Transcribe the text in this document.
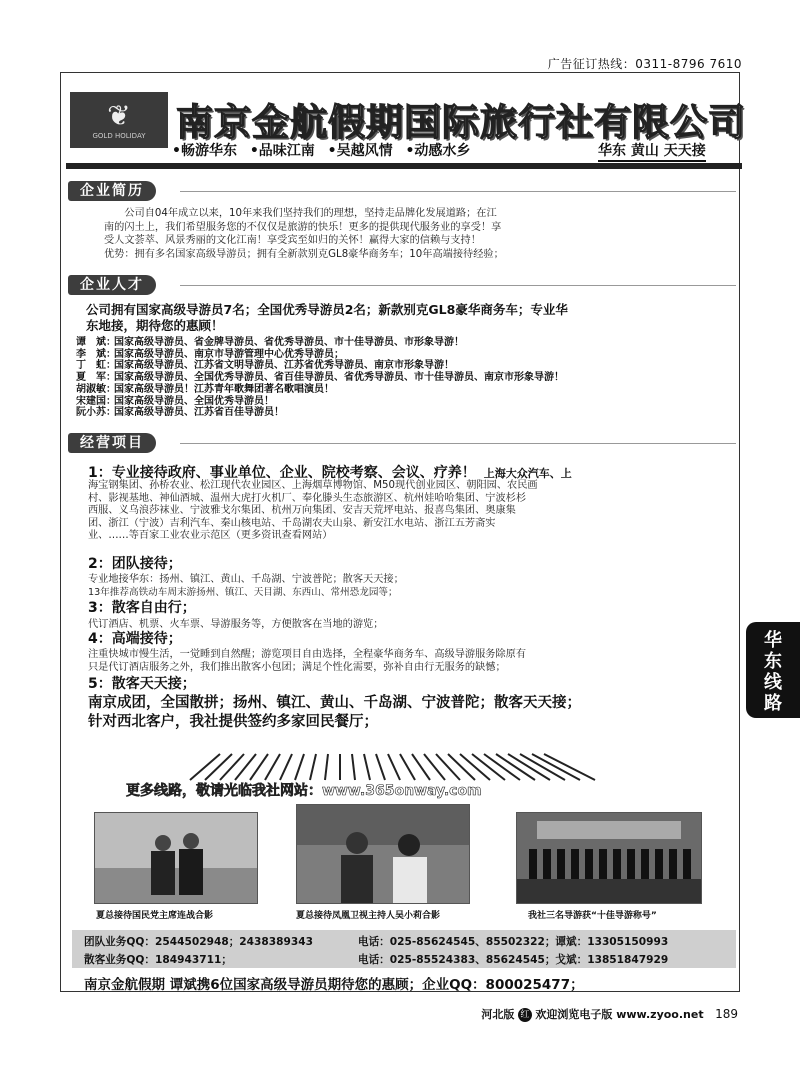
广告征订热线：0311-8796 7610
❦
GOLD HOLIDAY 南京金航假期国际旅行社有限公司
•畅游华东 •品味江南 •吴越风情 •动感水乡	华东 黄山 天天接
企业简历
　　公司自04年成立以来，10年来我们坚持我们的理想，坚持走品牌化发展道路；在江
南的闪土上，我们希望服务您的不仅仅是旅游的快乐！更多的提供现代服务业的享受！享
受人文荟萃、风景秀丽的文化江南！享受宾至如归的关怀！赢得大家的信赖与支持！
优势：拥有多名国家高级导游员；拥有全新款别克GL8豪华商务车；10年高端接待经验；
企业人才
公司拥有国家高级导游员7名；全国优秀导游员2名；新款别克GL8豪华商务车；专业华
东地接，期待您的惠顾！
谭　斌：国家高级导游员、省金牌导游员、省优秀导游员、市十佳导游员、市形象导游！
李　斌：国家高级导游员、南京市导游管理中心优秀导游员；
丁　虹：国家高级导游员、江苏省文明导游员、江苏省优秀导游员、南京市形象导游！
夏　军：国家高级导游员、全国优秀导游员、省百佳导游员、省优秀导游员、市十佳导游员、南京市形象导游！
胡淑敏：国家高级导游员！江苏青年歌舞团著名歌唱演员！
宋建国：国家高级导游员、全国优秀导游员！
阮小苏：国家高级导游员、江苏省百佳导游员！
经营项目
1：专业接待政府、事业单位、企业、院校考察、会议、疗养！ 上海大众汽车、上
海宝钢集团、孙桥农业、松江现代农业园区、上海烟草博物馆、M50现代创业园区、朝阳园、农民画
村、影视基地、神仙酒城、温州大虎打火机厂、奉化滕头生态旅游区、杭州娃哈哈集团、宁波杉杉
西服、义乌浪莎袜业、宁波雅戈尔集团、杭州万向集团、安吉天荒坪电站、报喜鸟集团、奥康集
团、浙江（宁波）吉利汽车、秦山核电站、千岛湖农夫山泉、新安江水电站、浙江五芳斋实
业、……等百家工业农业示范区（更多资讯查看网站）
2：团队接待；
专业地接华东：扬州、镇江、黄山、千岛湖、宁波普陀；散客天天接；
13年推荐高铁动车周末游扬州、镇江、天目湖、东西山、常州恐龙园等；
3：散客自由行；
代订酒店、机票、火车票、导游服务等，方便散客在当地的游览；
4：高端接待；
注重快城市慢生活，一觉睡到自然醒；游览项目自由选择，全程豪华商务车、高级导游服务除原有
只是代订酒店服务之外，我们推出散客小包团；满足个性化需要，弥补自由行无服务的缺憾；
5：散客天天接；
南京成团，全国散拼；扬州、镇江、黄山、千岛湖、宁波普陀；散客天天接；
针对西北客户，我社提供签约多家回民餐厅；
华
东
线
路
更多线路，敬请光临我社网站：www.365onway.com
夏总接待国民党主席连战合影	夏总接待凤凰卫视主持人吴小莉合影	我社三名导游获“十佳导游称号”
团队业务QQ：2544502948；2438389343	电话：025-85624545、85502322；谭斌：13305150993
散客业务QQ：184943711；	电话：025-85524383、85624545；戈斌：13851847929
南京金航假期 谭斌携6位国家高级导游员期待您的惠顾；企业QQ：800025477；
河北版 红 欢迎浏览电子版 www.zyoo.net 189
